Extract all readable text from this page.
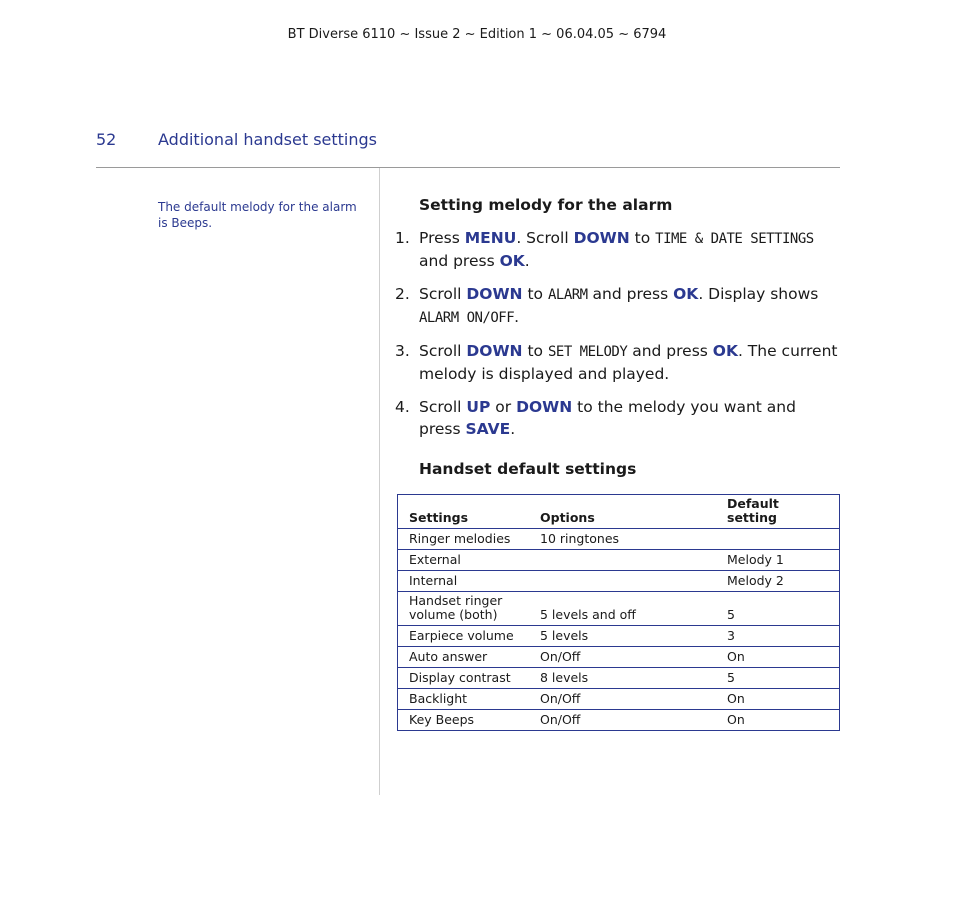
BT Diverse 6110 ~ Issue 2 ~ Edition 1 ~ 06.04.05 ~ 6794
52	Additional handset settings
The default melody for the alarm is Beeps.
Setting melody for the alarm
1. Press MENU. Scroll DOWN to TIME & DATE SETTINGS and press OK.
2. Scroll DOWN to ALARM and press OK. Display shows ALARM ON/OFF.
3. Scroll DOWN to SET MELODY and press OK. The current melody is displayed and played.
4. Scroll UP or DOWN to the melody you want and press SAVE.
Handset default settings
Settings	Options	Default setting
Ringer melodies	10 ringtones	
External		Melody 1
Internal		Melody 2
Handset ringer volume (both)	5 levels and off	5
Earpiece volume	5 levels	3
Auto answer	On/Off	On
Display contrast	8 levels	5
Backlight	On/Off	On
Key Beeps	On/Off	On
